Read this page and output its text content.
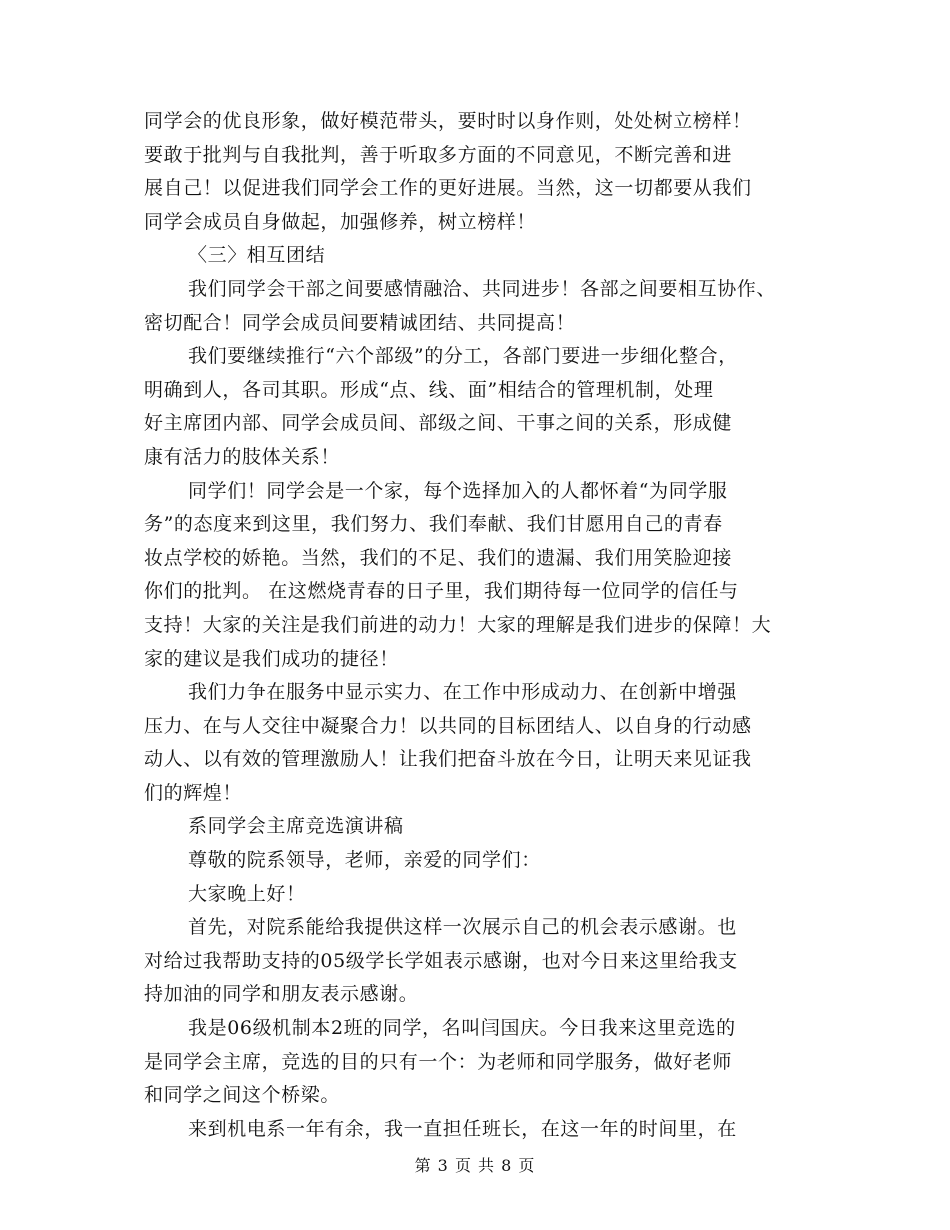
同学会的优良形象，做好模范带头，要时时以身作则，处处树立榜样！
要敢于批判与自我批判，善于听取多方面的不同意见，不断完善和进
展自己！以促进我们同学会工作的更好进展。当然，这一切都要从我们
同学会成员自身做起，加强修养，树立榜样！
〈三〉相互团结
我们同学会干部之间要感情融洽、共同进步！各部之间要相互协作、
密切配合！同学会成员间要精诚团结、共同提高！
我们要继续推行“六个部级”的分工，各部门要进一步细化整合，
明确到人，各司其职。形成“点、线、面”相结合的管理机制，处理
好主席团内部、同学会成员间、部级之间、干事之间的关系，形成健
康有活力的肢体关系！
同学们！同学会是一个家，每个选择加入的人都怀着“为同学服
务”的态度来到这里，我们努力、我们奉献、我们甘愿用自己的青春
妆点学校的娇艳。当然，我们的不足、我们的遗漏、我们用笑脸迎接
你们的批判。 在这燃烧青春的日子里，我们期待每一位同学的信任与
支持！大家的关注是我们前进的动力！大家的理解是我们进步的保障！大
家的建议是我们成功的捷径！
我们力争在服务中显示实力、在工作中形成动力、在创新中增强
压力、在与人交往中凝聚合力！以共同的目标团结人、以自身的行动感
动人、以有效的管理激励人！让我们把奋斗放在今日，让明天来见证我
们的辉煌！
系同学会主席竞选演讲稿
尊敬的院系领导，老师，亲爱的同学们：
大家晚上好！
首先，对院系能给我提供这样一次展示自己的机会表示感谢。也
对给过我帮助支持的05级学长学姐表示感谢，也对今日来这里给我支
持加油的同学和朋友表示感谢。
我是06级机制本2班的同学，名叫闫国庆。今日我来这里竞选的
是同学会主席，竞选的目的只有一个：为老师和同学服务，做好老师
和同学之间这个桥梁。
来到机电系一年有余，我一直担任班长，在这一年的时间里，在
第 3 页 共 8 页
